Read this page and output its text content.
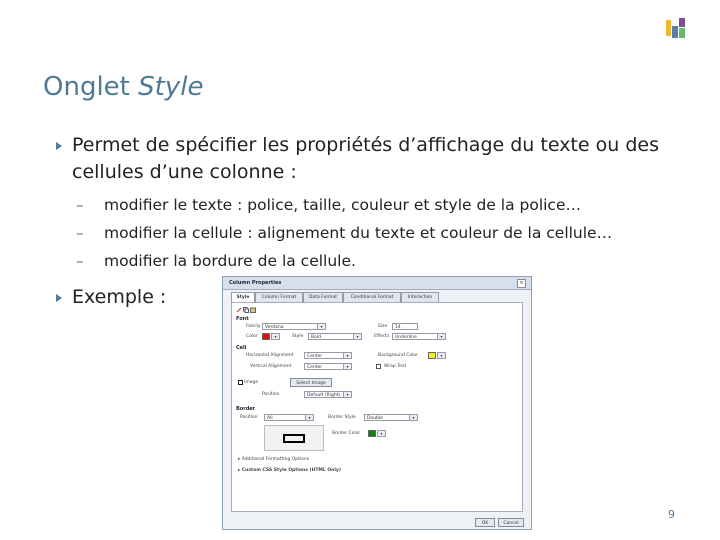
Onglet Style
Permet de spécifier les propriétés d’affichage du texte ou des
cellules d’une colonne :
– modifier le texte : police, taille, couleur et style de la police…
– modifier la cellule : alignement du texte et couleur de la cellule…
– modifier la bordure de la cellule.
Exemple :
Column Properties	×
Style	Column Format	Data Format	Conditional Format	Interaction
Font
Family	Verdana	▾	Size	14
Color	▾	Style	Bold	▾	Effects	Underline	▾
Cell
Horizontal Alignment	Center	▾	Background Color	▾
Vertical Alignment	Center	▾	Wrap Text
Image	Select Image
Position	Default (Right)	▾
Border
Position	All	▾	Border Style	Double	▾
Border Color	▾
▸ Additional Formatting Options
▸ Custom CSS Style Options (HTML Only)
OK	Cancel
9
